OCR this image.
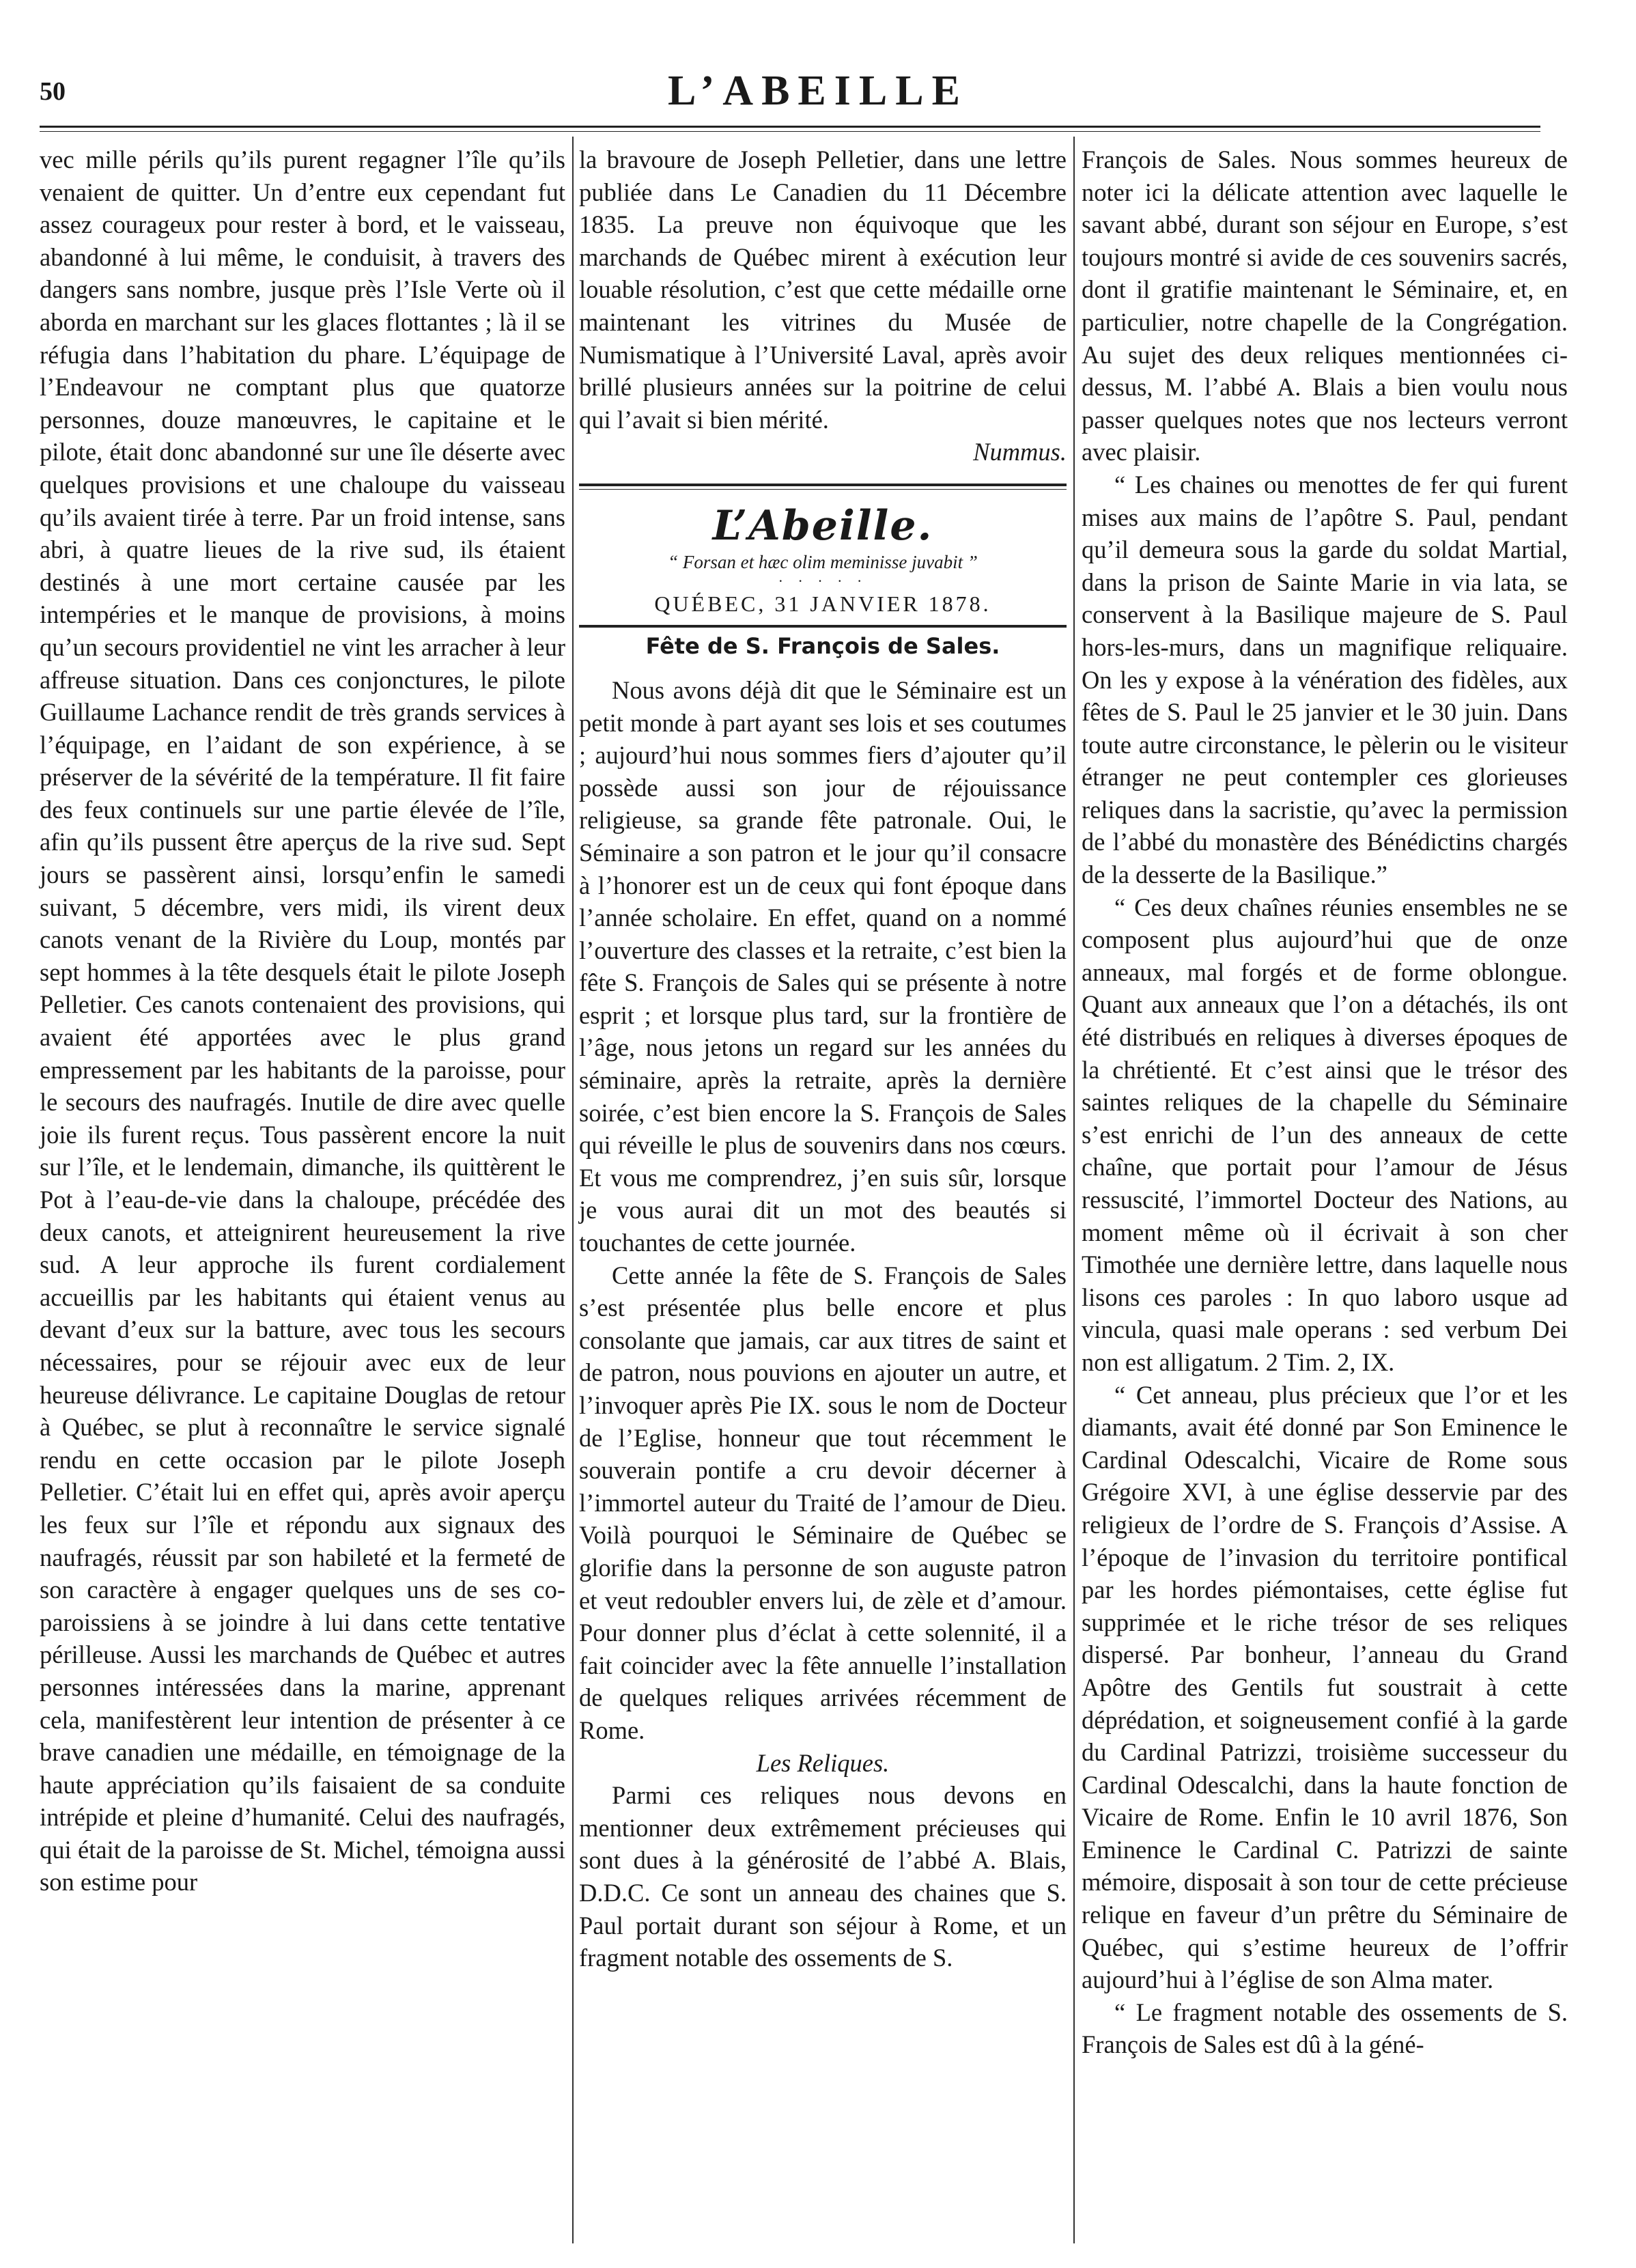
50	L’ABEILLE

vec mille périls qu’ils purent regagner l’île qu’ils venaient de quitter. Un d’entre eux cependant fut assez courageux pour rester à bord, et le vaisseau, abandonné à lui même, le conduisit, à travers des dangers sans nombre, jusque près l’Isle Verte où il aborda en marchant sur les glaces flottantes ; là il se réfugia dans l’habitation du phare. L’équipage de l’Endeavour ne comptant plus que quatorze personnes, douze manœuvres, le capitaine et le pilote, était donc abandonné sur une île déserte avec quelques provisions et une chaloupe du vaisseau qu’ils avaient tirée à terre. Par un froid intense, sans abri, à quatre lieues de la rive sud, ils étaient destinés à une mort certaine causée par les intempéries et le manque de provisions, à moins qu’un secours providentiel ne vint les arracher à leur affreuse situation. Dans ces conjonctures, le pilote Guillaume Lachance rendit de très grands services à l’équipage, en l’aidant de son expérience, à se préserver de la sévérité de la température. Il fit faire des feux continuels sur une partie élevée de l’île, afin qu’ils pussent être aperçus de la rive sud. Sept jours se passèrent ainsi, lorsqu’enfin le samedi suivant, 5 décembre, vers midi, ils virent deux canots venant de la Rivière du Loup, montés par sept hommes à la tête desquels était le pilote Joseph Pelletier. Ces canots contenaient des provisions, qui avaient été apportées avec le plus grand empressement par les habitants de la paroisse, pour le secours des naufragés. Inutile de dire avec quelle joie ils furent reçus. Tous passèrent encore la nuit sur l’île, et le lendemain, dimanche, ils quittèrent le Pot à l’eau-de-vie dans la chaloupe, précédée des deux canots, et atteignirent heureusement la rive sud. A leur approche ils furent cordialement accueillis par les habitants qui étaient venus au devant d’eux sur la batture, avec tous les secours nécessaires, pour se réjouir avec eux de leur heureuse délivrance. Le capitaine Douglas de retour à Québec, se plut à reconnaître le service signalé rendu en cette occasion par le pilote Joseph Pelletier. C’était lui en effet qui, après avoir aperçu les feux sur l’île et répondu aux signaux des naufragés, réussit par son habileté et la fermeté de son caractère à engager quelques uns de ses co-paroissiens à se joindre à lui dans cette tentative périlleuse. Aussi les marchands de Québec et autres personnes intéressées dans la marine, apprenant cela, manifestèrent leur intention de présenter à ce brave canadien une médaille, en témoignage de la haute appréciation qu’ils faisaient de sa conduite intrépide et pleine d’humanité. Celui des naufragés, qui était de la paroisse de St. Michel, témoigna aussi son estime pour

la bravoure de Joseph Pelletier, dans une lettre publiée dans Le Canadien du 11 Décembre 1835. La preuve non équivoque que les marchands de Québec mirent à exécution leur louable résolution, c’est que cette médaille orne maintenant les vitrines du Musée de Numismatique à l’Université Laval, après avoir brillé plusieurs années sur la poitrine de celui qui l’avait si bien mérité.

Nummus.

L’Abeille.
“ Forsan et hæc olim meminisse juvabit ”
· · · · ·
QUÉBEC, 31 JANVIER 1878.
Fête de S. François de Sales.

Nous avons déjà dit que le Séminaire est un petit monde à part ayant ses lois et ses coutumes ; aujourd’hui nous sommes fiers d’ajouter qu’il possède aussi son jour de réjouissance religieuse, sa grande fête patronale. Oui, le Séminaire a son patron et le jour qu’il consacre à l’honorer est un de ceux qui font époque dans l’année scholaire. En effet, quand on a nommé l’ouverture des classes et la retraite, c’est bien la fête S. François de Sales qui se présente à notre esprit ; et lorsque plus tard, sur la frontière de l’âge, nous jetons un regard sur les années du séminaire, après la retraite, après la dernière soirée, c’est bien encore la S. François de Sales qui réveille le plus de souvenirs dans nos cœurs. Et vous me comprendrez, j’en suis sûr, lorsque je vous aurai dit un mot des beautés si touchantes de cette journée.

Cette année la fête de S. François de Sales s’est présentée plus belle encore et plus consolante que jamais, car aux titres de saint et de patron, nous pouvions en ajouter un autre, et l’invoquer après Pie IX. sous le nom de Docteur de l’Eglise, honneur que tout récemment le souverain pontife a cru devoir décerner à l’immortel auteur du Traité de l’amour de Dieu. Voilà pourquoi le Séminaire de Québec se glorifie dans la personne de son auguste patron et veut redoubler envers lui, de zèle et d’amour. Pour donner plus d’éclat à cette solennité, il a fait coincider avec la fête annuelle l’installation de quelques reliques arrivées récemment de Rome.

Les Reliques.

Parmi ces reliques nous devons en mentionner deux extrêmement précieuses qui sont dues à la générosité de l’abbé A. Blais, D.D.C. Ce sont un anneau des chaines que S. Paul portait durant son séjour à Rome, et un fragment notable des ossements de S.

François de Sales. Nous sommes heureux de noter ici la délicate attention avec laquelle le savant abbé, durant son séjour en Europe, s’est toujours montré si avide de ces souvenirs sacrés, dont il gratifie maintenant le Séminaire, et, en particulier, notre chapelle de la Congrégation. Au sujet des deux reliques mentionnées ci-dessus, M. l’abbé A. Blais a bien voulu nous passer quelques notes que nos lecteurs verront avec plaisir.

“ Les chaines ou menottes de fer qui furent mises aux mains de l’apôtre S. Paul, pendant qu’il demeura sous la garde du soldat Martial, dans la prison de Sainte Marie in via lata, se conservent à la Basilique majeure de S. Paul hors-les-murs, dans un magnifique reliquaire. On les y expose à la vénération des fidèles, aux fêtes de S. Paul le 25 janvier et le 30 juin. Dans toute autre circonstance, le pèlerin ou le visiteur étranger ne peut contempler ces glorieuses reliques dans la sacristie, qu’avec la permission de l’abbé du monastère des Bénédictins chargés de la desserte de la Basilique.”

“ Ces deux chaînes réunies ensembles ne se composent plus aujourd’hui que de onze anneaux, mal forgés et de forme oblongue. Quant aux anneaux que l’on a détachés, ils ont été distribués en reliques à diverses époques de la chrétienté. Et c’est ainsi que le trésor des saintes reliques de la chapelle du Séminaire s’est enrichi de l’un des anneaux de cette chaîne, que portait pour l’amour de Jésus ressuscité, l’immortel Docteur des Nations, au moment même où il écrivait à son cher Timothée une dernière lettre, dans laquelle nous lisons ces paroles : In quo laboro usque ad vincula, quasi male operans : sed verbum Dei non est alligatum. 2 Tim. 2, IX.

“ Cet anneau, plus précieux que l’or et les diamants, avait été donné par Son Eminence le Cardinal Odescalchi, Vicaire de Rome sous Grégoire XVI, à une église desservie par des religieux de l’ordre de S. François d’Assise. A l’époque de l’invasion du territoire pontifical par les hordes piémontaises, cette église fut supprimée et le riche trésor de ses reliques dispersé. Par bonheur, l’anneau du Grand Apôtre des Gentils fut soustrait à cette déprédation, et soigneusement confié à la garde du Cardinal Patrizzi, troisième successeur du Cardinal Odescalchi, dans la haute fonction de Vicaire de Rome. Enfin le 10 avril 1876, Son Eminence le Cardinal C. Patrizzi de sainte mémoire, disposait à son tour de cette précieuse relique en faveur d’un prêtre du Séminaire de Québec, qui s’estime heureux de l’offrir aujourd’hui à l’église de son Alma mater.

“ Le fragment notable des ossements de S. François de Sales est dû à la géné-
